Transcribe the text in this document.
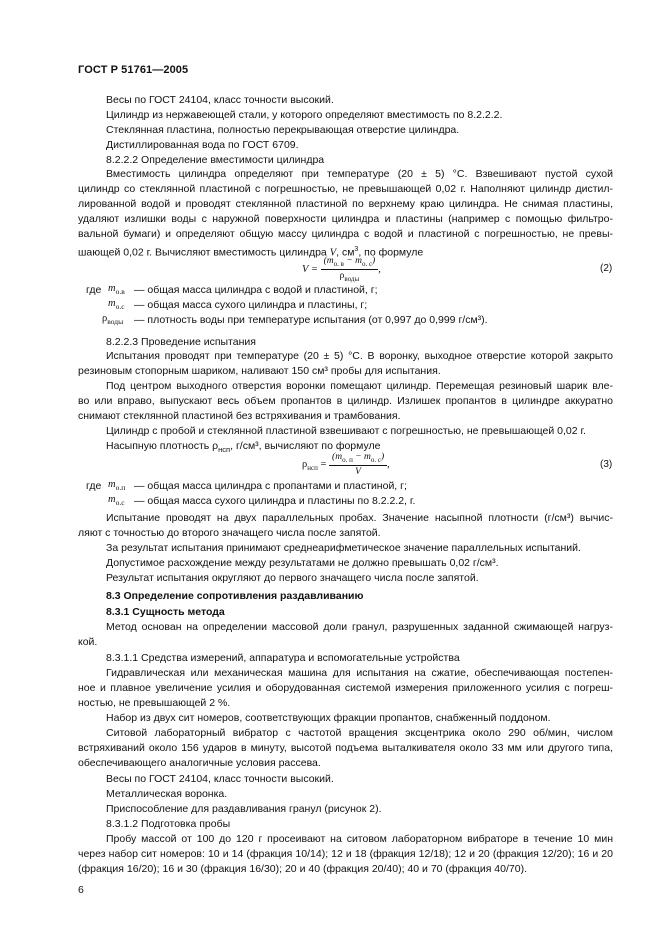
ГОСТ Р 51761—2005
Весы по ГОСТ 24104, класс точности высокий.
Цилиндр из нержавеющей стали, у которого определяют вместимость по 8.2.2.2.
Стеклянная пластина, полностью перекрывающая отверстие цилиндра.
Дистиллированная вода по ГОСТ 6709.
8.2.2.2 Определение вместимости цилиндра
Вместимость цилиндра определяют при температуре (20 ± 5) °С. Взвешивают пустой сухой
цилиндр со стеклянной пластиной с погрешностью, не превышающей 0,02 г. Наполняют цилиндр дистил-
лированной водой и проводят стеклянной пластиной по верхнему краю цилиндра. Не снимая пластины,
удаляют излишки воды с наружной поверхности цилиндра и пластины (например с помощью фильтро-
вальной бумаги) и определяют общую массу цилиндра с водой и пластиной с погрешностью, не превы-
шающей 0,02 г. Вычисляют вместимость цилиндра V, $см^3$, по формуле
$V = \frac{(m_{о. в} - m_{о. с})}{\rho_{воды}}$ ,	(2)
где $m_{о.в}$ — общая масса цилиндра с водой и пластиной, г;
$m_{о.с}$ — общая масса сухого цилиндра и пластины, г;
$\rho_{воды}$ — плотность воды при температуре испытания (от 0,997 до 0,999 г/см³).
8.2.2.3 Проведение испытания
Испытания проводят при температуре (20 ± 5) °С. В воронку, выходное отверстие которой закрыто
резиновым стопорным шариком, наливают 150 см³ пробы для испытания.
Под центром выходного отверстия воронки помещают цилиндр. Перемещая резиновый шарик вле-
во или вправо, выпускают весь объем пропантов в цилиндр. Излишек пропантов в цилиндре аккуратно
снимают стеклянной пластиной без встряхивания и трамбования.
Цилиндр с пробой и стеклянной пластиной взвешивают с погрешностью, не превышающей 0,02 г.
Насыпную плотность $\rho_{нсп}$, г/см³, вычисляют по формуле
$\rho_{нсп} = \frac{(m_{о. п} - m_{о. с})}{V}$ ,	(3)
где $m_{о.п}$ — общая масса цилиндра с пропантами и пластиной, г;
$m_{о.с}$ — общая масса сухого цилиндра и пластины по 8.2.2.2, г.
Испытание проводят на двух параллельных пробах. Значение насыпной плотности (г/см³) вычис-
ляют с точностью до второго значащего числа после запятой.
За результат испытания принимают среднеарифметическое значение параллельных испытаний.
Допустимое расхождение между результатами не должно превышать 0,02 г/см³.
Результат испытания округляют до первого значащего числа после запятой.
8.3 Определение сопротивления раздавливанию
8.3.1 Сущность метода
Метод основан на определении массовой доли гранул, разрушенных заданной сжимающей нагруз-
кой.
8.3.1.1 Средства измерений, аппаратура и вспомогательные устройства
Гидравлическая или механическая машина для испытания на сжатие, обеспечивающая постепен-
ное и плавное увеличение усилия и оборудованная системой измерения приложенного усилия с погреш-
ностью, не превышающей 2 %.
Набор из двух сит номеров, соответствующих фракции пропантов, снабженный поддоном.
Ситовой лабораторный вибратор с частотой вращения эксцентрика около 290 об/мин, числом
встряхиваний около 156 ударов в минуту, высотой подъема выталкивателя около 33 мм или другого типа,
обеспечивающего аналогичные условия рассева.
Весы по ГОСТ 24104, класс точности высокий.
Металлическая воронка.
Приспособление для раздавливания гранул (рисунок 2).
8.3.1.2 Подготовка пробы
Пробу массой от 100 до 120 г просеивают на ситовом лабораторном вибраторе в течение 10 мин
через набор сит номеров: 10 и 14 (фракция 10/14); 12 и 18 (фракция 12/18); 12 и 20 (фракция 12/20); 16 и 20
(фракция 16/20); 16 и 30 (фракция 16/30); 20 и 40 (фракция 20/40); 40 и 70 (фракция 40/70).
6
